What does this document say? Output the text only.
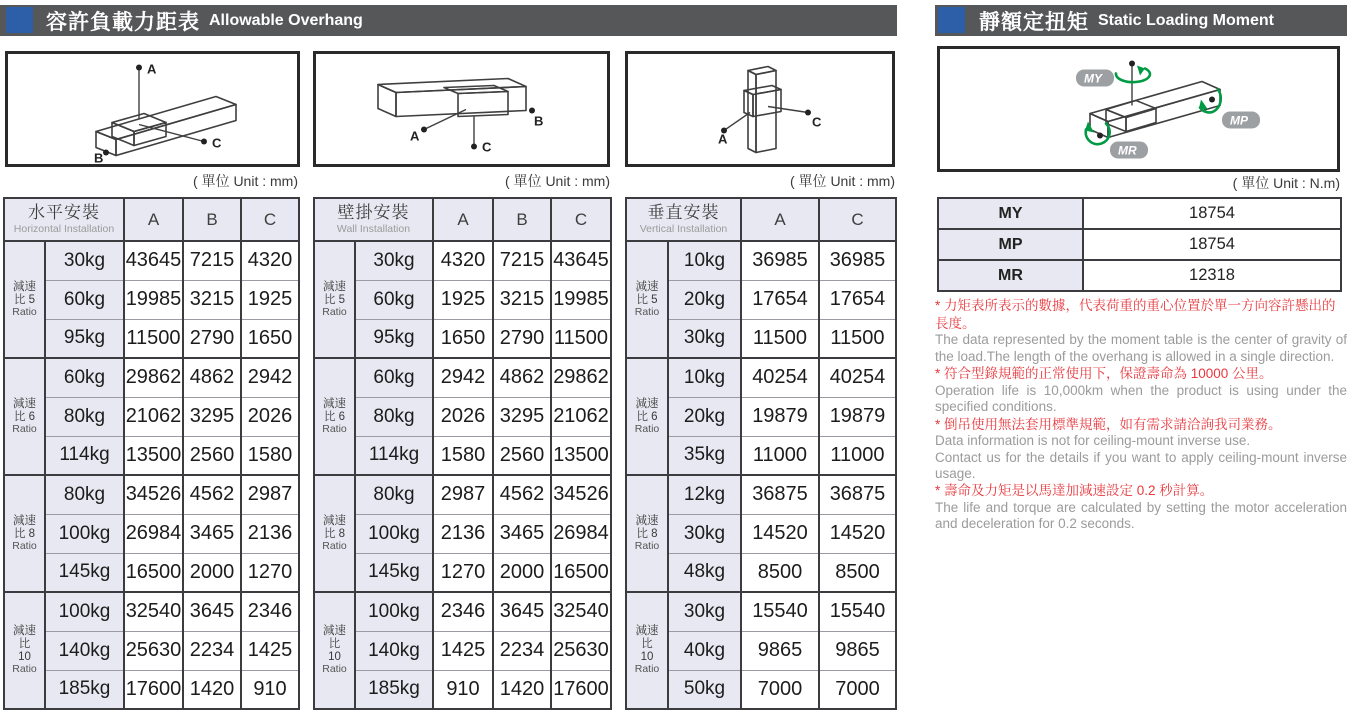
容許負載力距表 Allowable Overhang	靜額定扭矩 Static Loading Moment
A
C
B
A
B
C
A
C
MY
MP
MR
( 單位 Unit : mm)	( 單位 Unit : mm)	( 單位 Unit : mm)	( 單位 Unit : N.m)
水平安裝
Horizontal Installation		A	B	C

減速
比 5
Ratio	30kg	43645	7215	4320
	60kg	19985	3215	1925
	95kg	11500	2790	1650

減速
比 6
Ratio	60kg	29862	4862	2942
	80kg	21062	3295	2026
	114kg	13500	2560	1580

減速
比 8
Ratio	80kg	34526	4562	2987
	100kg	26984	3465	2136
	145kg	16500	2000	1270

減速
比
10
Ratio	100kg	32540	3645	2346
	140kg	25630	2234	1425
	185kg	17600	1420	910
壁掛安裝
Wall Installation		A	B	C

減速
比 5
Ratio	30kg	4320	7215	43645
	60kg	1925	3215	19985
	95kg	1650	2790	11500

減速
比 6
Ratio	60kg	2942	4862	29862
	80kg	2026	3295	21062
	114kg	1580	2560	13500

減速
比 8
Ratio	80kg	2987	4562	34526
	100kg	2136	3465	26984
	145kg	1270	2000	16500

減速
比
10
Ratio	100kg	2346	3645	32540
	140kg	1425	2234	25630
	185kg	910	1420	17600
垂直安裝
Vertical Installation		A	C

減速
比 5
Ratio	10kg	36985	36985
	20kg	17654	17654
	30kg	11500	11500

減速
比 6
Ratio	10kg	40254	40254
	20kg	19879	19879
	35kg	11000	11000

減速
比 8
Ratio	12kg	36875	36875
	30kg	14520	14520
	48kg	8500	8500

減速
比
10
Ratio	30kg	15540	15540
	40kg	9865	9865
	50kg	7000	7000
MY	18754
MP	18754
MR	12318

* 力矩表所表示的數據，代表荷重的重心位置於單一方向容許懸出的長度。

The data represented by the moment table is the center of gravity of the load.The length of the overhang is allowed in a single direction.

* 符合型錄規範的正常使用下，保證壽命為 10000 公里。

Operation life is 10,000km when the product is using under the specified conditions.

* 倒吊使用無法套用標準規範，如有需求請洽詢我司業務。

Data information is not for ceiling-mount inverse use.
Contact us for the details if you want to apply ceiling-mount inverse usage.

* 壽命及力矩是以馬達加減速設定 0.2 秒計算。

The life and torque are calculated by setting the motor acceleration and deceleration for 0.2 seconds.
